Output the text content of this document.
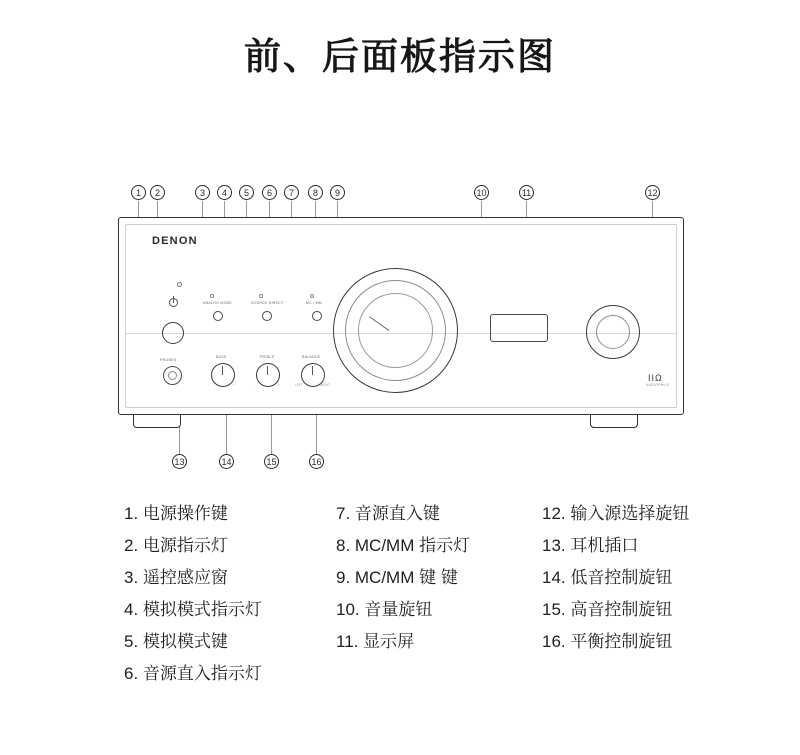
前、后面板指示图
1	2	3	4	5	6	7	8	9	10	11	12
13	14	15	16
DENON
ANALOG MODE	SOURCE DIRECT	MC / MM
IIΩ
AUDIOPHILE
PHONES
BASS
-	+
TREBLE
-	+
BALANCE
LEFT	RIGHT
1. 电源操作键
2. 电源指示灯
3. 遥控感应窗
4. 模拟模式指示灯
5. 模拟模式键
6. 音源直入指示灯
7. 音源直入键
8. MC/MM 指示灯
9. MC/MM 键 键
10. 音量旋钮
11. 显示屏
12. 输入源选择旋钮
13. 耳机插口
14. 低音控制旋钮
15. 高音控制旋钮
16. 平衡控制旋钮
